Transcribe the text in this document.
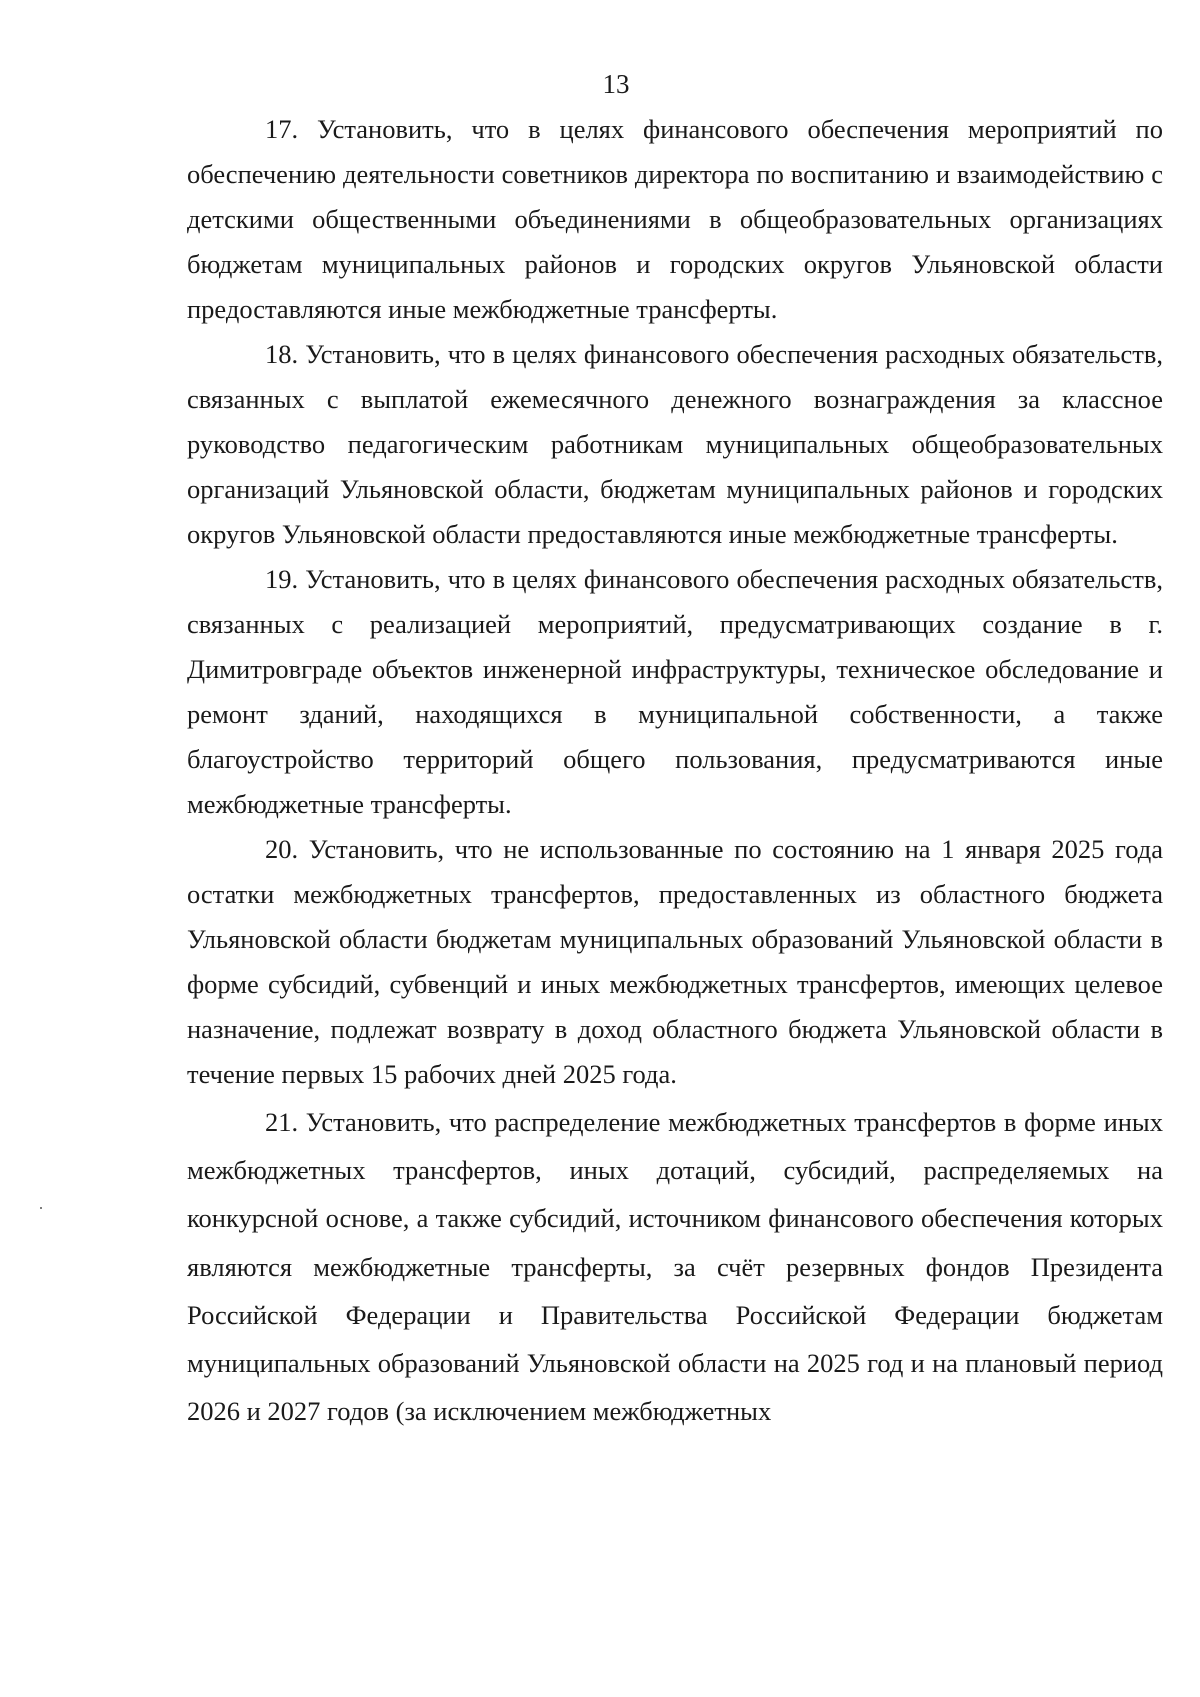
13

17. Установить, что в целях финансового обеспечения мероприятий по обеспечению деятельности советников директора по воспитанию и взаимодействию с детскими общественными объединениями в общеобразовательных организациях бюджетам муниципальных районов и городских округов Ульяновской области предоставляются иные межбюджетные трансферты.

18. Установить, что в целях финансового обеспечения расходных обязательств, связанных с выплатой ежемесячного денежного вознаграждения за классное руководство педагогическим работникам муниципальных общеобразовательных организаций Ульяновской области, бюджетам муниципальных районов и городских округов Ульяновской области предоставляются иные межбюджетные трансферты.

19. Установить, что в целях финансового обеспечения расходных обязательств, связанных с реализацией мероприятий, предусматривающих создание в г. Димитровграде объектов инженерной инфраструктуры, техническое обследование и ремонт зданий, находящихся в муниципальной собственности, а также благоустройство территорий общего пользования, предусматриваются иные межбюджетные трансферты.

20. Установить, что не использованные по состоянию на 1 января 2025 года остатки межбюджетных трансфертов, предоставленных из областного бюджета Ульяновской области бюджетам муниципальных образований Ульяновской области в форме субсидий, субвенций и иных межбюджетных трансфертов, имеющих целевое назначение, подлежат возврату в доход областного бюджета Ульяновской области в течение первых 15 рабочих дней 2025 года.

21. Установить, что распределение межбюджетных трансфертов в форме иных межбюджетных трансфертов, иных дотаций, субсидий, распределяемых на конкурсной основе, а также субсидий, источником финансового обеспечения которых являются межбюджетные трансферты, за счёт резервных фондов Президента Российской Федерации и Правительства Российской Федерации бюджетам муниципальных образований Ульяновской области на 2025 год и на плановый период 2026 и 2027 годов (за исключением межбюджетных
